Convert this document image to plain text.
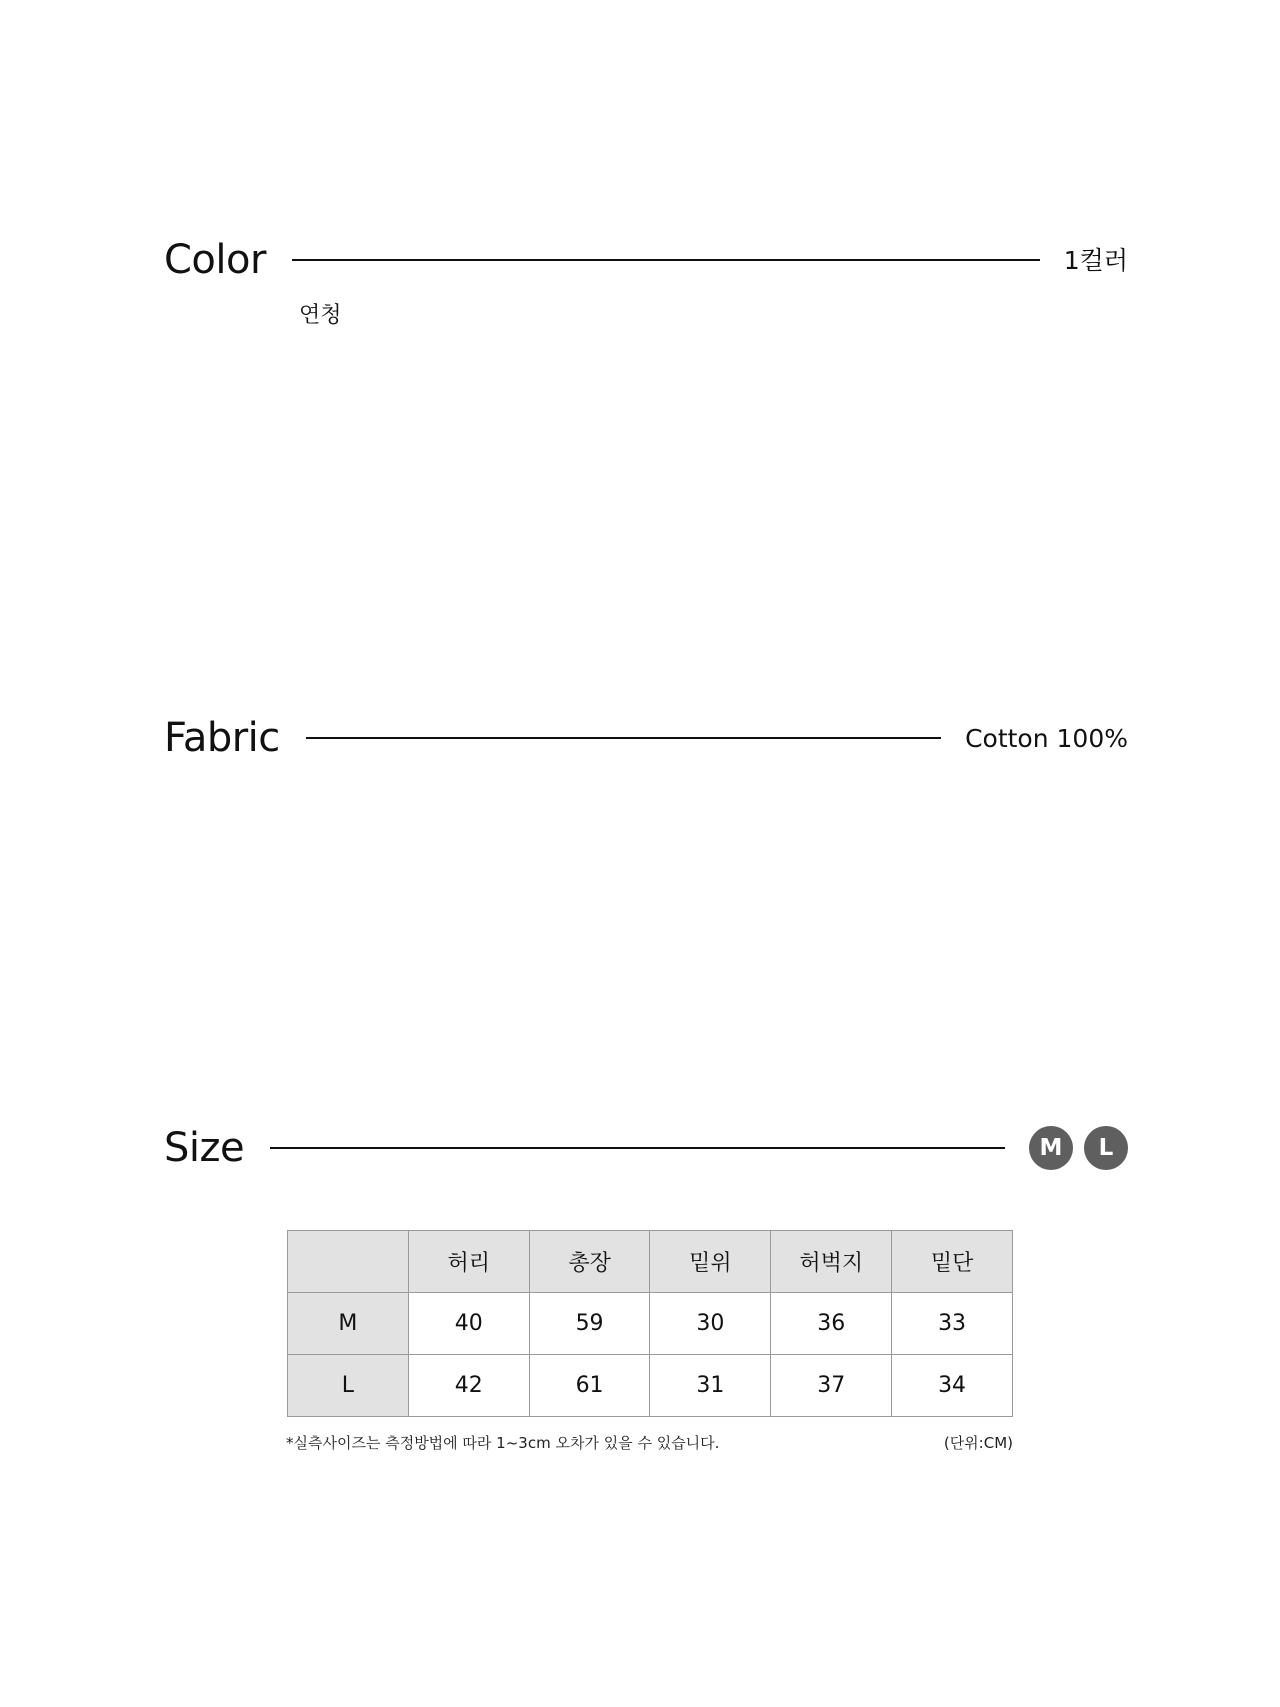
Color	1컬러
연청
Fabric	Cotton 100%
Size	M	L
	허리	총장	밑위	허벅지	밑단
M	40	59	30	36	33
L	42	61	31	37	34
*실측사이즈는 측정방법에 따라 1~3cm 오차가 있을 수 있습니다.	(단위:CM)
